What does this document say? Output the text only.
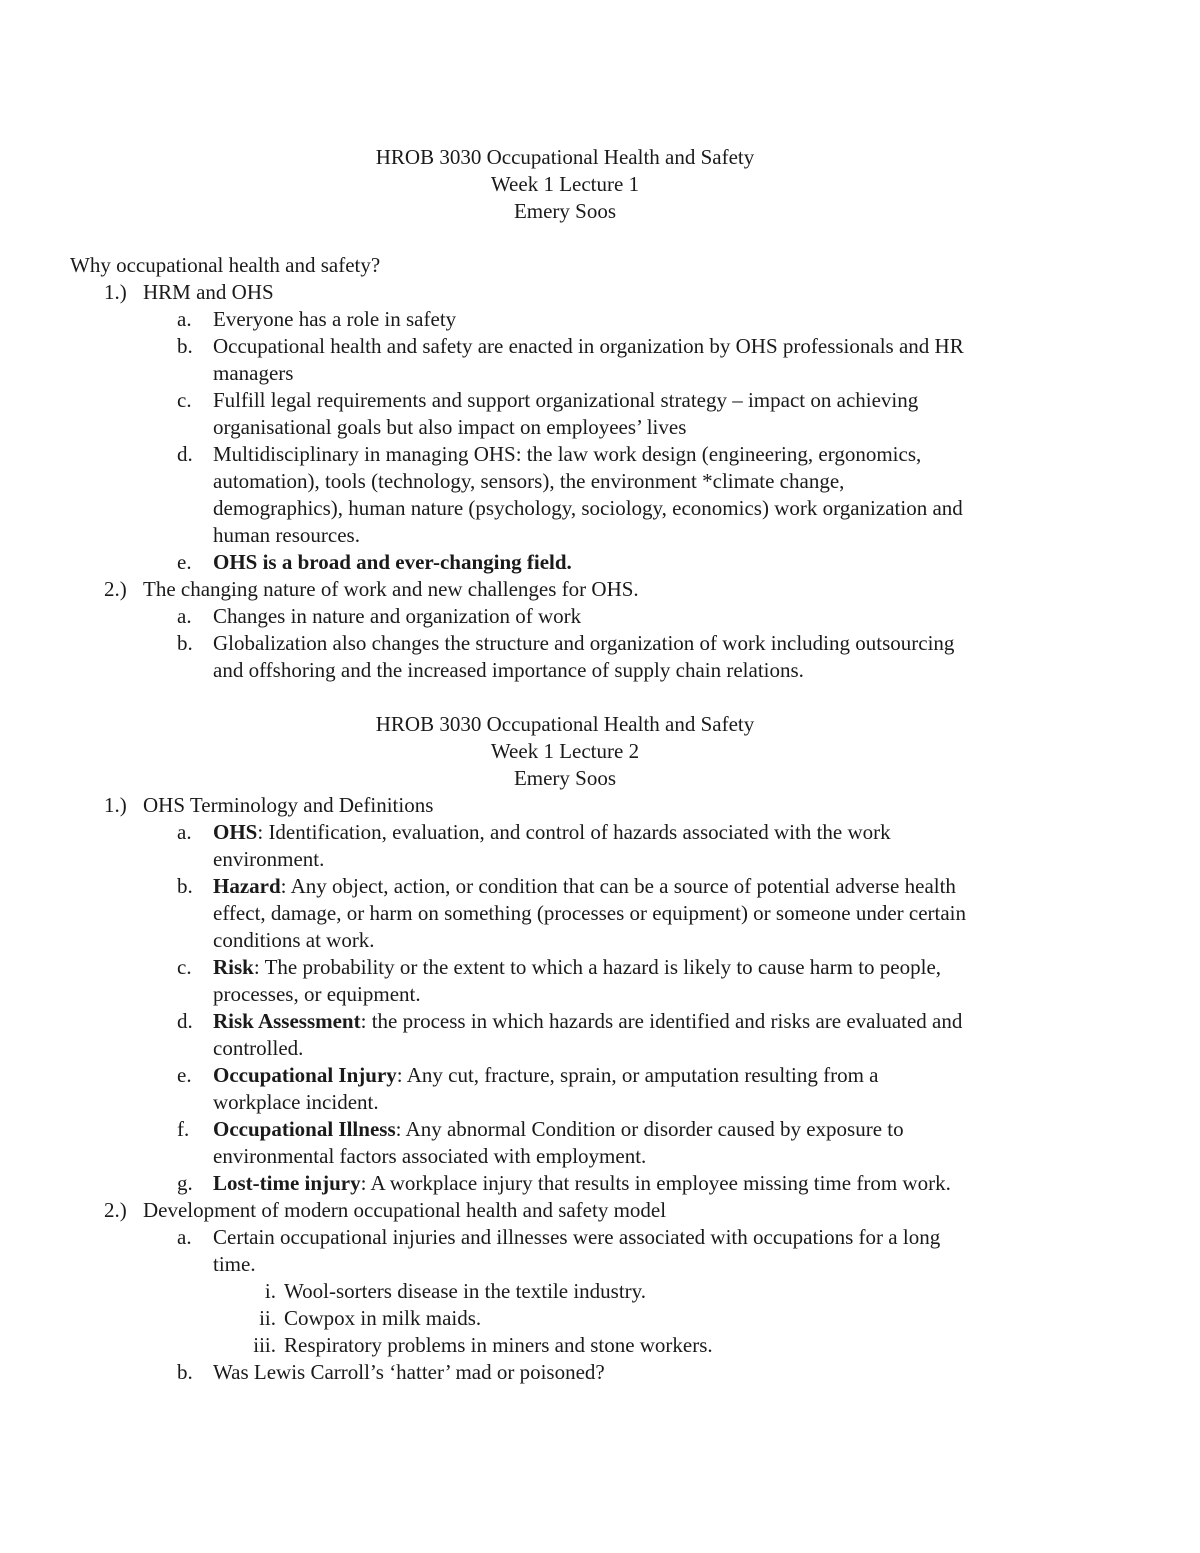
HROB 3030 Occupational Health and Safety
Week 1 Lecture 1
Emery Soos
Why occupational health and safety?
1.) HRM and OHS
a. Everyone has a role in safety
b. Occupational health and safety are enacted in organization by OHS professionals and HR
managers
c. Fulfill legal requirements and support organizational strategy – impact on achieving
organisational goals but also impact on employees’ lives
d. Multidisciplinary in managing OHS: the law work design (engineering, ergonomics,
automation), tools (technology, sensors), the environment *climate change,
demographics), human nature (psychology, sociology, economics) work organization and
human resources.
e. OHS is a broad and ever-changing field.
2.) The changing nature of work and new challenges for OHS.
a. Changes in nature and organization of work
b. Globalization also changes the structure and organization of work including outsourcing
and offshoring and the increased importance of supply chain relations.
HROB 3030 Occupational Health and Safety
Week 1 Lecture 2
Emery Soos
1.) OHS Terminology and Definitions
a. OHS: Identification, evaluation, and control of hazards associated with the work
environment.
b. Hazard: Any object, action, or condition that can be a source of potential adverse health
effect, damage, or harm on something (processes or equipment) or someone under certain
conditions at work.
c. Risk: The probability or the extent to which a hazard is likely to cause harm to people,
processes, or equipment.
d. Risk Assessment: the process in which hazards are identified and risks are evaluated and
controlled.
e. Occupational Injury: Any cut, fracture, sprain, or amputation resulting from a
workplace incident.
f. Occupational Illness: Any abnormal Condition or disorder caused by exposure to
environmental factors associated with employment.
g. Lost-time injury: A workplace injury that results in employee missing time from work.
2.) Development of modern occupational health and safety model
a. Certain occupational injuries and illnesses were associated with occupations for a long
time.
i. Wool-sorters disease in the textile industry.
ii. Cowpox in milk maids.
iii. Respiratory problems in miners and stone workers.
b. Was Lewis Carroll’s ‘hatter’ mad or poisoned?
